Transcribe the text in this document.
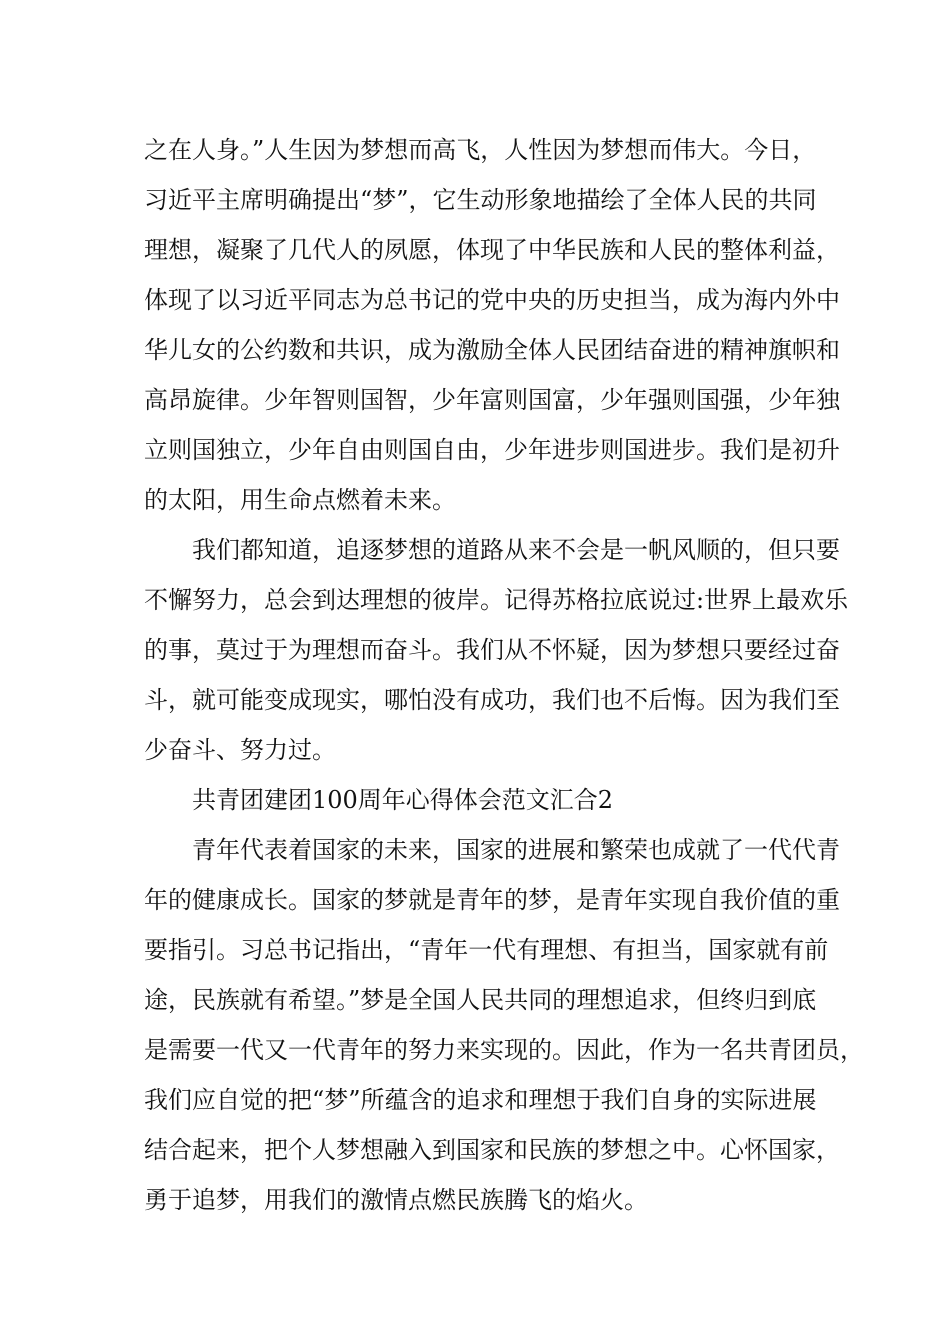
之在人身。”人生因为梦想而高飞，人性因为梦想而伟大。今日，
习近平主席明确提出“梦”，它生动形象地描绘了全体人民的共同
理想，凝聚了几代人的夙愿，体现了中华民族和人民的整体利益，
体现了以习近平同志为总书记的党中央的历史担当，成为海内外中
华儿女的公约数和共识，成为激励全体人民团结奋进的精神旗帜和
高昂旋律。少年智则国智，少年富则国富，少年强则国强，少年独
立则国独立，少年自由则国自由，少年进步则国进步。我们是初升
的太阳，用生命点燃着未来。
我们都知道，追逐梦想的道路从来不会是一帆风顺的，但只要
不懈努力，总会到达理想的彼岸。记得苏格拉底说过:世界上最欢乐
的事，莫过于为理想而奋斗。我们从不怀疑，因为梦想只要经过奋
斗，就可能变成现实，哪怕没有成功，我们也不后悔。因为我们至
少奋斗、努力过。
共青团建团100周年心得体会范文汇合2
青年代表着国家的未来，国家的进展和繁荣也成就了一代代青
年的健康成长。国家的梦就是青年的梦，是青年实现自我价值的重
要指引。习总书记指出，“青年一代有理想、有担当，国家就有前
途，民族就有希望。”梦是全国人民共同的理想追求，但终归到底
是需要一代又一代青年的努力来实现的。因此，作为一名共青团员，
我们应自觉的把“梦”所蕴含的追求和理想于我们自身的实际进展
结合起来，把个人梦想融入到国家和民族的梦想之中。心怀国家，
勇于追梦，用我们的激情点燃民族腾飞的焰火。
